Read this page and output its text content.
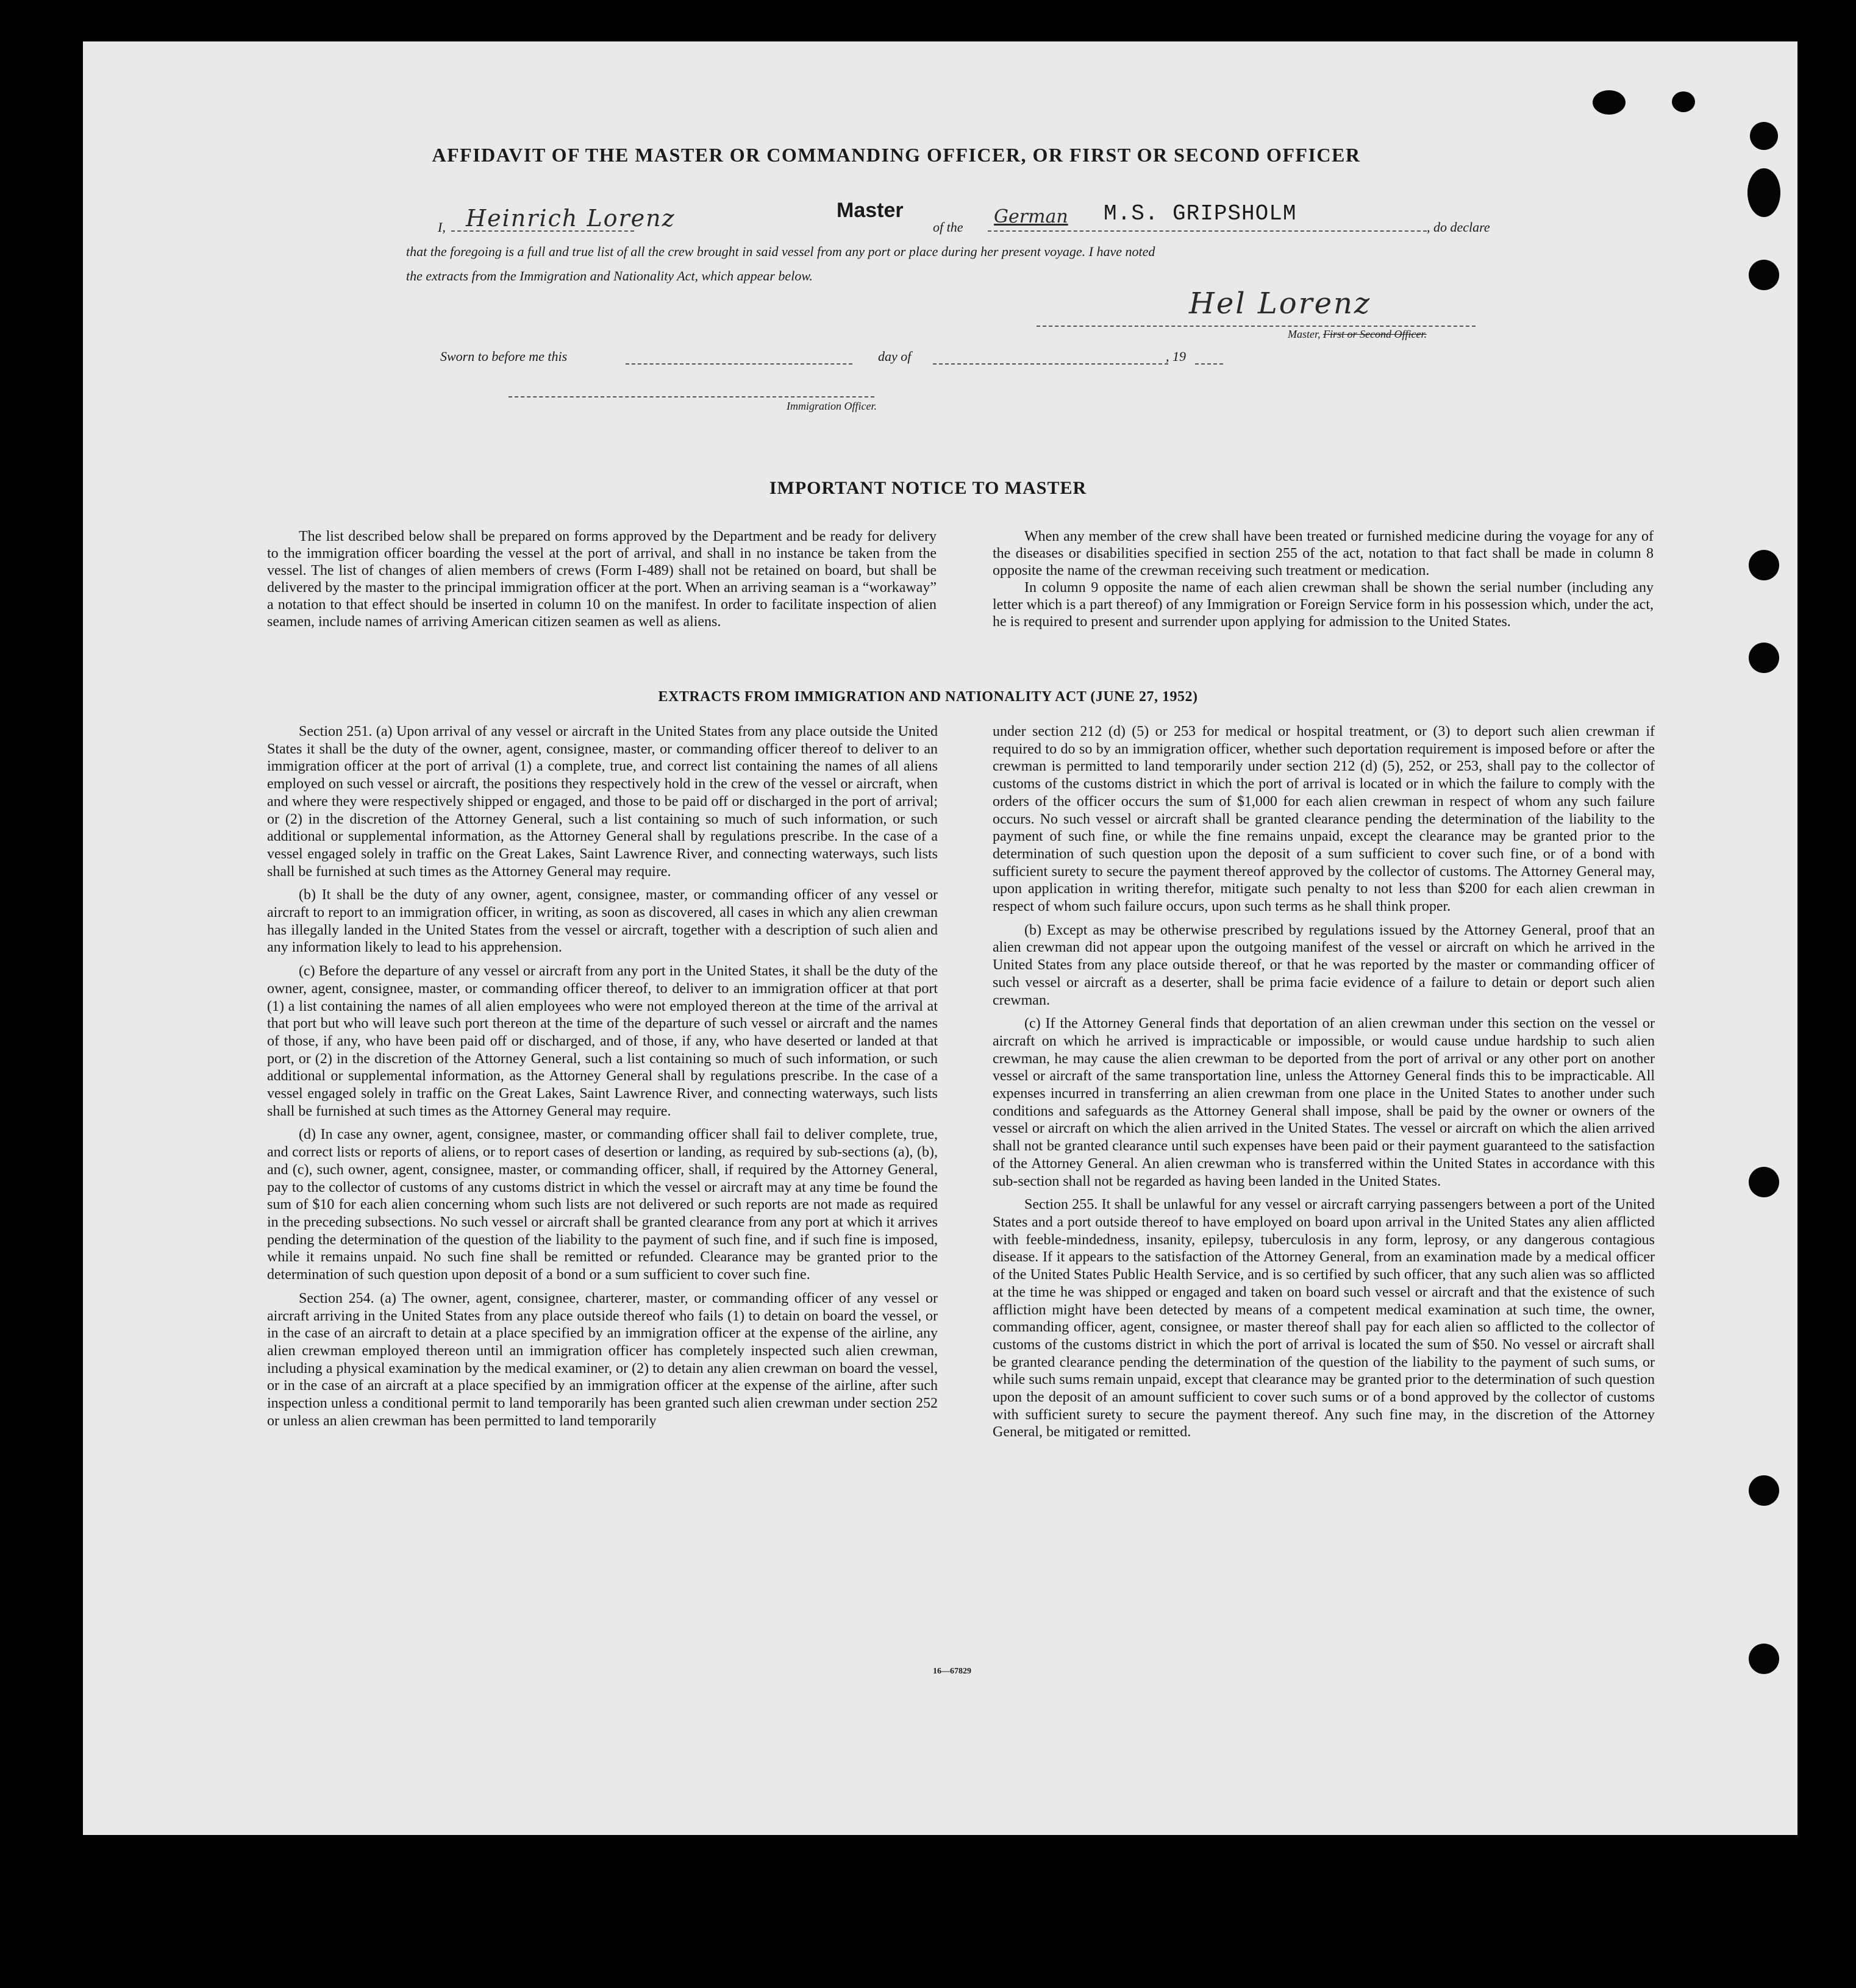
AFFIDAVIT OF THE MASTER OR COMMANDING OFFICER, OR FIRST OR SECOND OFFICER
I, Heinrich Lorenz	Master
of the German M.S. GRIPSHOLM
, do declare
that the foregoing is a full and true list of all the crew brought in said vessel from any port or place during her present voyage. I have noted
the extracts from the Immigration and Nationality Act, which appear below.
Hel Lorenz
Master, First or Second Officer.
Sworn to before me this	day of	, 19
Immigration Officer.
IMPORTANT NOTICE TO MASTER

The list described below shall be prepared on forms approved by the Department and be ready for delivery to the immigration officer boarding the vessel at the port of arrival, and shall in no instance be taken from the vessel. The list of changes of alien members of crews (Form I-489) shall not be retained on board, but shall be delivered by the master to the principal immigration officer at the port. When an arriving seaman is a “workaway” a notation to that effect should be inserted in column 10 on the manifest. In order to facilitate inspection of alien seamen, include names of arriving American citizen seamen as well as aliens.

When any member of the crew shall have been treated or furnished medicine during the voyage for any of the diseases or disabilities specified in section 255 of the act, notation to that fact shall be made in column 8 opposite the name of the crewman receiving such treatment or medication.

In column 9 opposite the name of each alien crewman shall be shown the serial number (including any letter which is a part thereof) of any Immigration or Foreign Service form in his possession which, under the act, he is required to present and surrender upon applying for admission to the United States.

EXTRACTS FROM IMMIGRATION AND NATIONALITY ACT (JUNE 27, 1952)

Section 251. (a) Upon arrival of any vessel or aircraft in the United States from any place outside the United States it shall be the duty of the owner, agent, consignee, master, or commanding officer thereof to deliver to an immigration officer at the port of arrival (1) a complete, true, and correct list containing the names of all aliens employed on such vessel or aircraft, the positions they respectively hold in the crew of the vessel or aircraft, when and where they were respectively shipped or engaged, and those to be paid off or discharged in the port of arrival; or (2) in the discretion of the Attorney General, such a list containing so much of such information, or such additional or supplemental information, as the Attorney General shall by regulations prescribe. In the case of a vessel engaged solely in traffic on the Great Lakes, Saint Lawrence River, and connecting waterways, such lists shall be furnished at such times as the Attorney General may require.

(b) It shall be the duty of any owner, agent, consignee, master, or commanding officer of any vessel or aircraft to report to an immigration officer, in writing, as soon as discovered, all cases in which any alien crewman has illegally landed in the United States from the vessel or aircraft, together with a description of such alien and any information likely to lead to his apprehension.

(c) Before the departure of any vessel or aircraft from any port in the United States, it shall be the duty of the owner, agent, consignee, master, or commanding officer thereof, to deliver to an immigration officer at that port (1) a list containing the names of all alien employees who were not employed thereon at the time of the arrival at that port but who will leave such port thereon at the time of the departure of such vessel or aircraft and the names of those, if any, who have been paid off or discharged, and of those, if any, who have deserted or landed at that port, or (2) in the discretion of the Attorney General, such a list containing so much of such information, or such additional or supplemental information, as the Attorney General shall by regulations prescribe. In the case of a vessel engaged solely in traffic on the Great Lakes, Saint Lawrence River, and connecting waterways, such lists shall be furnished at such times as the Attorney General may require.

(d) In case any owner, agent, consignee, master, or commanding officer shall fail to deliver complete, true, and correct lists or reports of aliens, or to report cases of desertion or landing, as required by sub-sections (a), (b), and (c), such owner, agent, consignee, master, or commanding officer, shall, if required by the Attorney General, pay to the collector of customs of any customs district in which the vessel or aircraft may at any time be found the sum of $10 for each alien concerning whom such lists are not delivered or such reports are not made as required in the preceding subsections. No such vessel or aircraft shall be granted clearance from any port at which it arrives pending the determination of the question of the liability to the payment of such fine, and if such fine is imposed, while it remains unpaid. No such fine shall be remitted or refunded. Clearance may be granted prior to the determination of such question upon deposit of a bond or a sum sufficient to cover such fine.

Section 254. (a) The owner, agent, consignee, charterer, master, or commanding officer of any vessel or aircraft arriving in the United States from any place outside thereof who fails (1) to detain on board the vessel, or in the case of an aircraft to detain at a place specified by an immigration officer at the expense of the airline, any alien crewman employed thereon until an immigration officer has completely inspected such alien crewman, including a physical examination by the medical examiner, or (2) to detain any alien crewman on board the vessel, or in the case of an aircraft at a place specified by an immigration officer at the expense of the airline, after such inspection unless a conditional permit to land temporarily has been granted such alien crewman under section 252 or unless an alien crewman has been permitted to land temporarily

under section 212 (d) (5) or 253 for medical or hospital treatment, or (3) to deport such alien crewman if required to do so by an immigration officer, whether such deportation requirement is imposed before or after the crewman is permitted to land temporarily under section 212 (d) (5), 252, or 253, shall pay to the collector of customs of the customs district in which the port of arrival is located or in which the failure to comply with the orders of the officer occurs the sum of $1,000 for each alien crewman in respect of whom any such failure occurs. No such vessel or aircraft shall be granted clearance pending the determination of the liability to the payment of such fine, or while the fine remains unpaid, except the clearance may be granted prior to the determination of such question upon the deposit of a sum sufficient to cover such fine, or of a bond with sufficient surety to secure the payment thereof approved by the collector of customs. The Attorney General may, upon application in writing therefor, mitigate such penalty to not less than $200 for each alien crewman in respect of whom such failure occurs, upon such terms as he shall think proper.

(b) Except as may be otherwise prescribed by regulations issued by the Attorney General, proof that an alien crewman did not appear upon the outgoing manifest of the vessel or aircraft on which he arrived in the United States from any place outside thereof, or that he was reported by the master or commanding officer of such vessel or aircraft as a deserter, shall be prima facie evidence of a failure to detain or deport such alien crewman.

(c) If the Attorney General finds that deportation of an alien crewman under this section on the vessel or aircraft on which he arrived is impracticable or impossible, or would cause undue hardship to such alien crewman, he may cause the alien crewman to be deported from the port of arrival or any other port on another vessel or aircraft of the same transportation line, unless the Attorney General finds this to be impracticable. All expenses incurred in transferring an alien crewman from one place in the United States to another under such conditions and safeguards as the Attorney General shall impose, shall be paid by the owner or owners of the vessel or aircraft on which the alien arrived in the United States. The vessel or aircraft on which the alien arrived shall not be granted clearance until such expenses have been paid or their payment guaranteed to the satisfaction of the Attorney General. An alien crewman who is transferred within the United States in accordance with this sub-section shall not be regarded as having been landed in the United States.

Section 255. It shall be unlawful for any vessel or aircraft carrying passengers between a port of the United States and a port outside thereof to have employed on board upon arrival in the United States any alien afflicted with feeble-mindedness, insanity, epilepsy, tuberculosis in any form, leprosy, or any dangerous contagious disease. If it appears to the satisfaction of the Attorney General, from an examination made by a medical officer of the United States Public Health Service, and is so certified by such officer, that any such alien was so afflicted at the time he was shipped or engaged and taken on board such vessel or aircraft and that the existence of such affliction might have been detected by means of a competent medical examination at such time, the owner, commanding officer, agent, consignee, or master thereof shall pay for each alien so afflicted to the collector of customs of the customs district in which the port of arrival is located the sum of $50. No vessel or aircraft shall be granted clearance pending the determination of the question of the liability to the payment of such sums, or while such sums remain unpaid, except that clearance may be granted prior to the determination of such question upon the deposit of an amount sufficient to cover such sums or of a bond approved by the collector of customs with sufficient surety to secure the payment thereof. Any such fine may, in the discretion of the Attorney General, be mitigated or remitted.

16—67829
